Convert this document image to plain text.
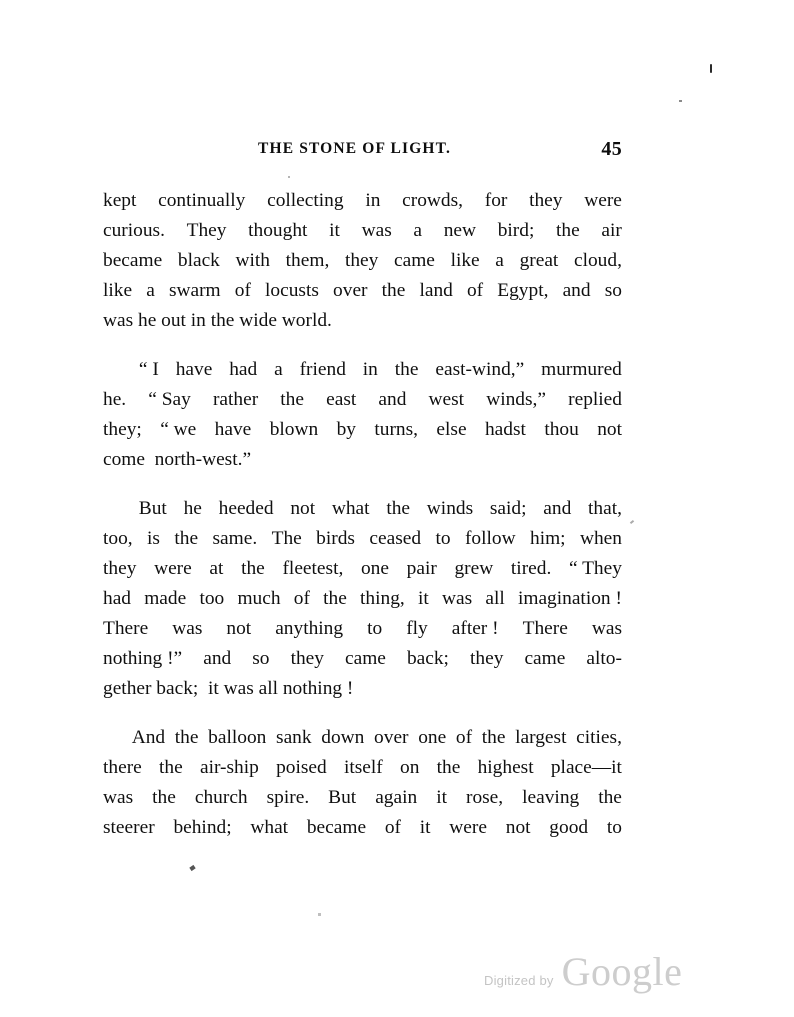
THE STONE OF LIGHT.	45
kept continually collecting in crowds, for they were
curious. They thought it was a new bird; the air
became black with them, they came like a great cloud,
like a swarm of locusts over the land of Egypt, and so
was he out in the wide world.
“ I have had a friend in the east-wind,” murmured
he. “ Say rather the east and west winds,” replied
they; “ we have blown by turns, else hadst thou not
come  north-west.”
But he heeded not what the winds said; and that,
too, is the same. The birds ceased to follow him; when
they were at the fleetest, one pair grew tired. “ They
had made too much of the thing, it was all imagination !
There was not anything to fly after ! There was
nothing !” and so they came back; they came alto-
gether back;  it was all nothing !
And the balloon sank down over one of the largest cities,
there the air-ship poised itself on the highest place—it
was the church spire. But again it rose, leaving the
steerer behind; what became of it were not good to
Digitized by Google
